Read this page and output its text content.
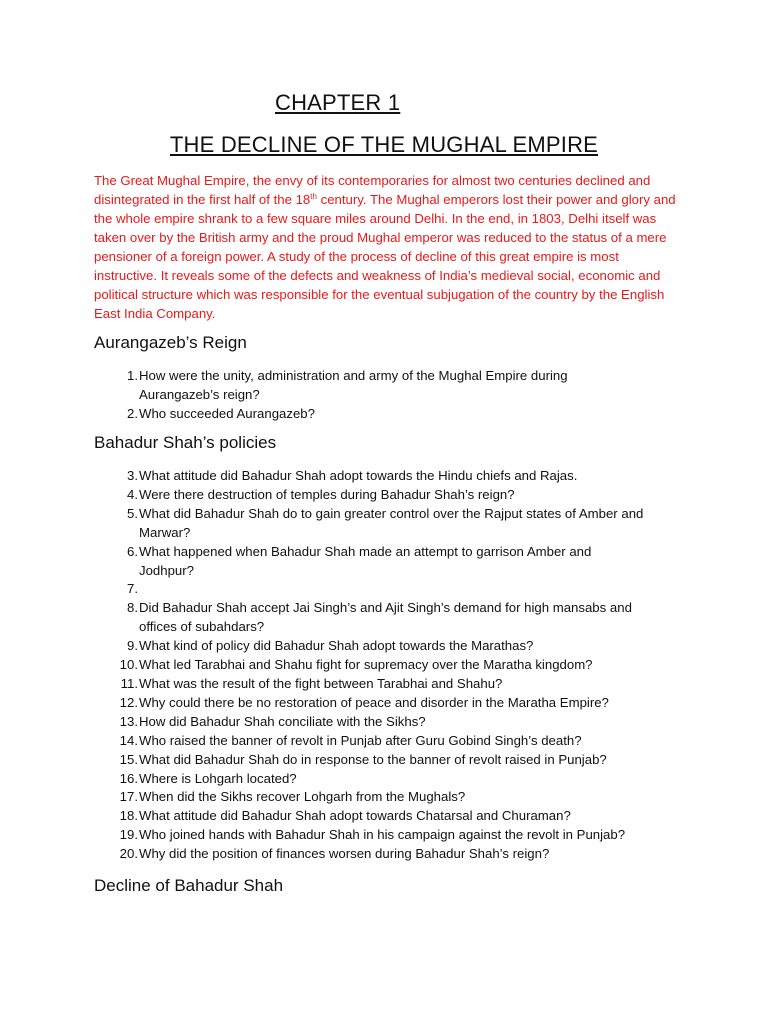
CHAPTER 1
THE DECLINE OF THE MUGHAL EMPIRE

The Great Mughal Empire, the envy of its contemporaries for almost two centuries declined and disintegrated in the first half of the 18th century. The Mughal emperors lost their power and glory and the whole empire shrank to a few square miles around Delhi. In the end, in 1803, Delhi itself was taken over by the British army and the proud Mughal emperor was reduced to the status of a mere pensioner of a foreign power. A study of the process of decline of this great empire is most instructive. It reveals some of the defects and weakness of India’s medieval social, economic and political structure which was responsible for the eventual subjugation of the country by the English East India Company.

Aurangazeb’s Reign
1. How were the unity, administration and army of the Mughal Empire during Aurangazeb’s reign?
2. Who succeeded Aurangazeb?
Bahadur Shah’s policies
3. What attitude did Bahadur Shah adopt towards the Hindu chiefs and Rajas.
4. Were there destruction of temples during Bahadur Shah’s reign?
5. What did Bahadur Shah do to gain greater control over the Rajput states of Amber and Marwar?
6. What happened when Bahadur Shah made an attempt to garrison Amber and Jodhpur?
7.
8. Did Bahadur Shah accept Jai Singh’s and Ajit Singh’s demand for high mansabs and offices of subahdars?
9. What kind of policy did Bahadur Shah adopt towards the Marathas?
10. What led Tarabhai and Shahu fight for supremacy over the Maratha kingdom?
11. What was the result of the fight between Tarabhai and Shahu?
12. Why could there be no restoration of peace and disorder in the Maratha Empire?
13. How did Bahadur Shah conciliate with the Sikhs?
14. Who raised the banner of revolt in Punjab after Guru Gobind Singh’s death?
15. What did Bahadur Shah do in response to the banner of revolt raised in Punjab?
16. Where is Lohgarh located?
17. When did the Sikhs recover Lohgarh from the Mughals?
18. What attitude did Bahadur Shah adopt towards Chatarsal and Churaman?
19. Who joined hands with Bahadur Shah in his campaign against the revolt in Punjab?
20. Why did the position of finances worsen during Bahadur Shah’s reign?
Decline of Bahadur Shah
